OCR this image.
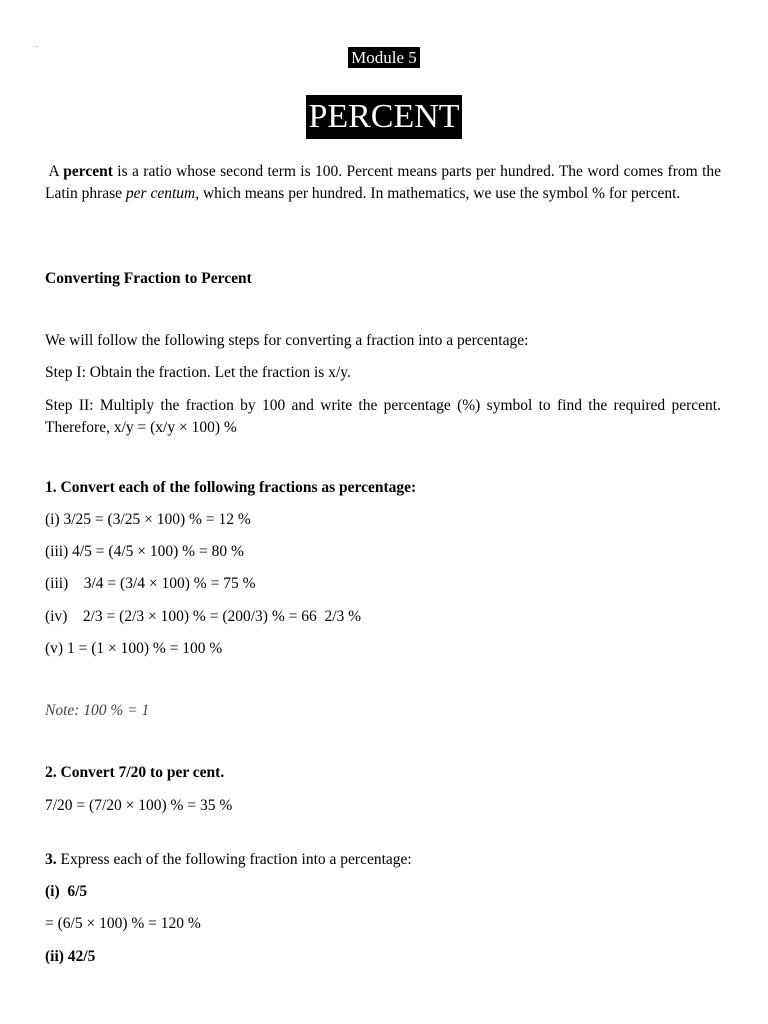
Module 5
PERCENT

A percent is a ratio whose second term is 100. Percent means parts per hundred. The word comes from the Latin phrase per centum, which means per hundred. In mathematics, we use the symbol % for percent.

Converting Fraction to Percent
We will follow the following steps for converting a fraction into a percentage:
Step I: Obtain the fraction. Let the fraction is x/y.

Step II: Multiply the fraction by 100 and write the percentage (%) symbol to find the required percent. Therefore, x/y = (x/y × 100) %

1. Convert each of the following fractions as percentage:
(i) 3/25 = (3/25 × 100) % = 12 %
(iii) 4/5 = (4/5 × 100) % = 80 %
(iii)    3/4 = (3/4 × 100) % = 75 %
(iv)    2/3 = (2/3 × 100) % = (200/3) % = 66  2/3 %
(v) 1 = (1 × 100) % = 100 %
Note: 100 % = 1
2. Convert 7/20 to per cent.
7/20 = (7/20 × 100) % = 35 %
3. Express each of the following fraction into a percentage:
(i)  6/5
= (6/5 × 100) % = 120 %
(ii) 42/5
